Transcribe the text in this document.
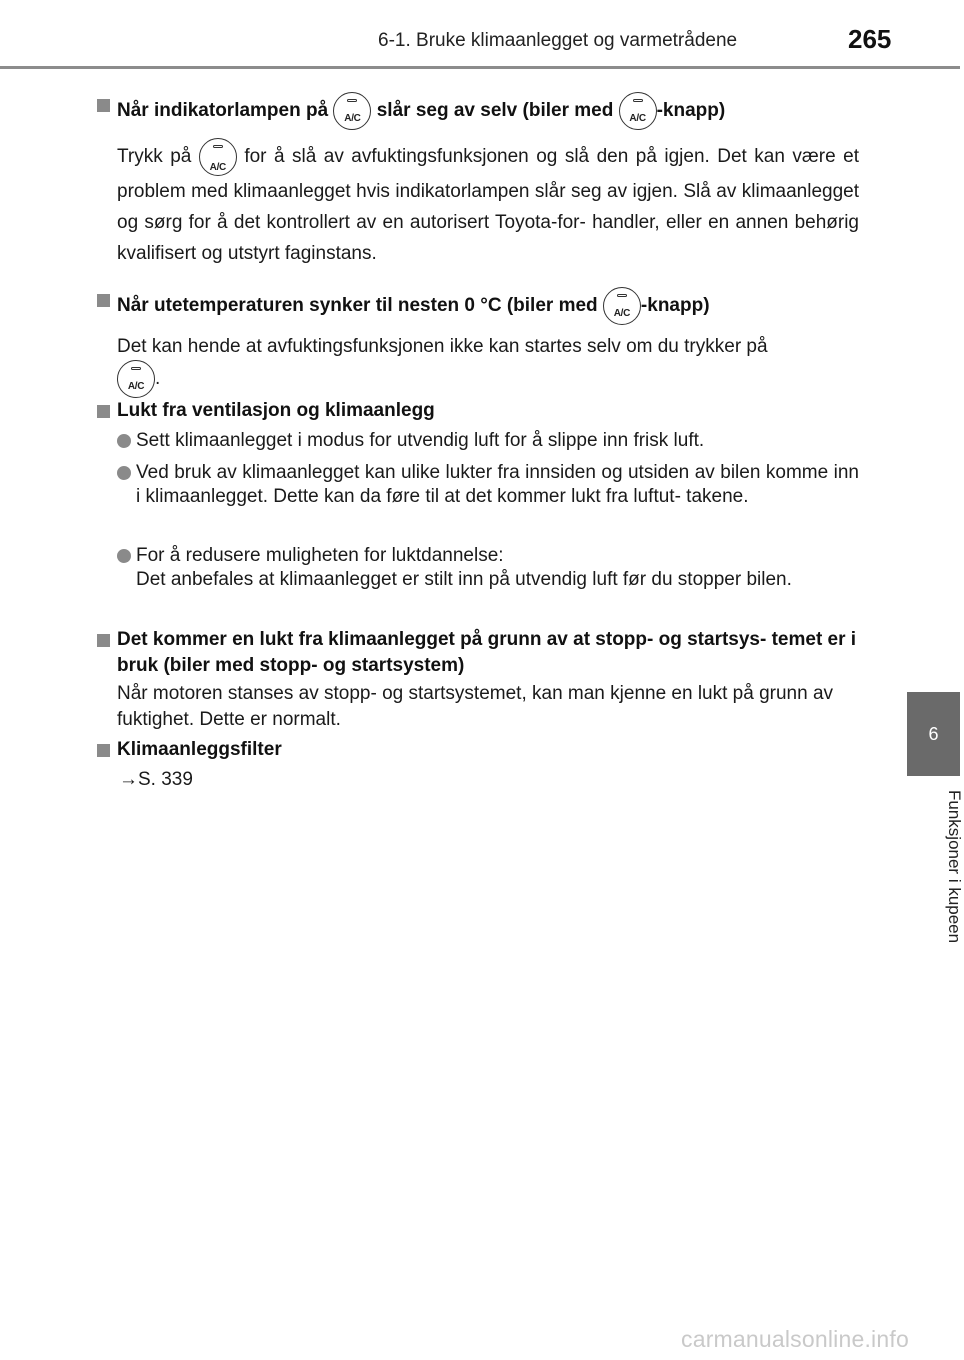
6-1. Bruke klimaanlegget og varmetrådene	265
6
Funksjoner i kupeen
Når indikatorlampen på	A/C slår seg av selv (biler med	A/C -knapp)
Trykk på
A/C
for å slå av avfuktingsfunksjonen og slå den på igjen. Det kan være et problem med klimaanlegget hvis indikatorlampen slår seg av igjen. Slå av klimaanlegget og sørg for å det kontrollert av en autorisert Toyota-for- handler, eller en annen behørig kvalifisert og utstyrt faginstans.
Når utetemperaturen synker til nesten 0 °C (biler med	A/C -knapp)
Det kan hende at avfuktingsfunksjonen ikke kan startes selv om du trykker på

A/C .
Lukt fra ventilasjon og klimaanlegg
Sett klimaanlegget i modus for utvendig luft for å slippe inn frisk luft.
Ved bruk av klimaanlegget kan ulike lukter fra innsiden og utsiden av bilen komme inn i klimaanlegget. Dette kan da føre til at det kommer lukt fra luftut- takene.
For å redusere muligheten for luktdannelse:
Det anbefales at klimaanlegget er stilt inn på utvendig luft før du stopper bilen.
Det kommer en lukt fra klimaanlegget på grunn av at stopp- og startsys- temet er i bruk (biler med stopp- og startsystem)
Når motoren stanses av stopp- og startsystemet, kan man kjenne en lukt på grunn av fuktighet. Dette er normalt.
Klimaanleggsfilter
→S. 339
carmanualsonline.info
